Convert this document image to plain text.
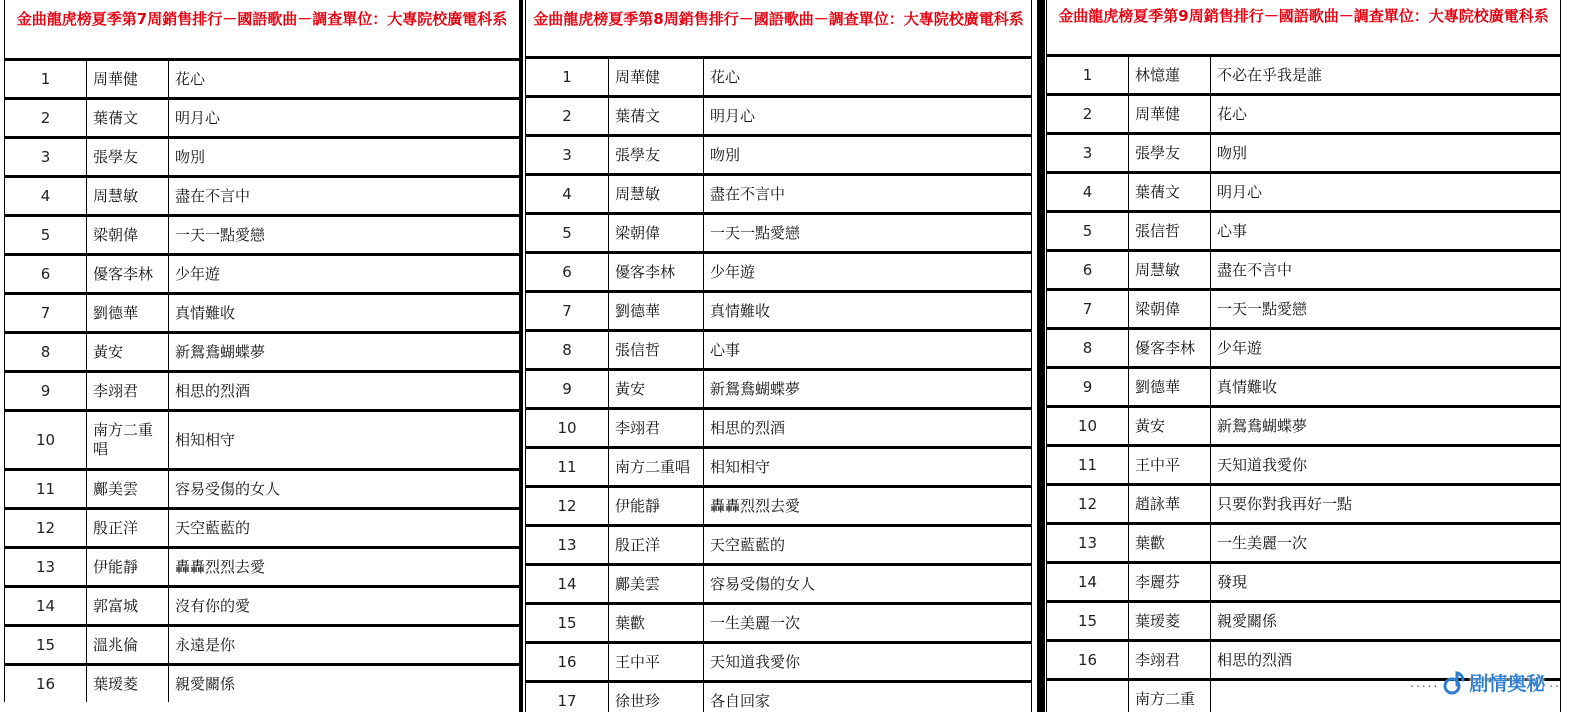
金曲龍虎榜夏季第7周銷售排行－國語歌曲－調查單位：大專院校廣電科系
1	周華健	花心
2	葉蒨文	明月心
3	張學友	吻別
4	周慧敏	盡在不言中
5	梁朝偉	一天一點愛戀
6	優客李林	少年遊
7	劉德華	真情難收
8	黃安	新鴛鴦蝴蝶夢
9	李翊君	相思的烈酒
10	南方二重唱	相知相守
11	鄺美雲	容易受傷的女人
12	殷正洋	天空藍藍的
13	伊能靜	轟轟烈烈去愛
14	郭富城	沒有你的愛
15	溫兆倫	永遠是你
16	葉瑷菱	親愛關係
金曲龍虎榜夏季第8周銷售排行－國語歌曲－調查單位：大專院校廣電科系
1	周華健	花心
2	葉蒨文	明月心
3	張學友	吻別
4	周慧敏	盡在不言中
5	梁朝偉	一天一點愛戀
6	優客李林	少年遊
7	劉德華	真情難收
8	張信哲	心事
9	黃安	新鴛鴦蝴蝶夢
10	李翊君	相思的烈酒
11	南方二重唱	相知相守
12	伊能靜	轟轟烈烈去愛
13	殷正洋	天空藍藍的
14	鄺美雲	容易受傷的女人
15	葉歡	一生美麗一次
16	王中平	天知道我愛你
17	徐世珍	各自回家
金曲龍虎榜夏季第9周銷售排行－國語歌曲－調查單位：大專院校廣電科系
1	林憶蓮	不必在乎我是誰
2	周華健	花心
3	張學友	吻別
4	葉蒨文	明月心
5	張信哲	心事
6	周慧敏	盡在不言中
7	梁朝偉	一天一點愛戀
8	優客李林	少年遊
9	劉德華	真情難收
10	黃安	新鴛鴦蝴蝶夢
11	王中平	天知道我愛你
12	趙詠華	只要你對我再好一點
13	葉歡	一生美麗一次
14	李麗芬	發現
15	葉瑷菱	親愛關係
16	李翊君	相思的烈酒
	南方二重	
..... 剧情奥秘 ..
